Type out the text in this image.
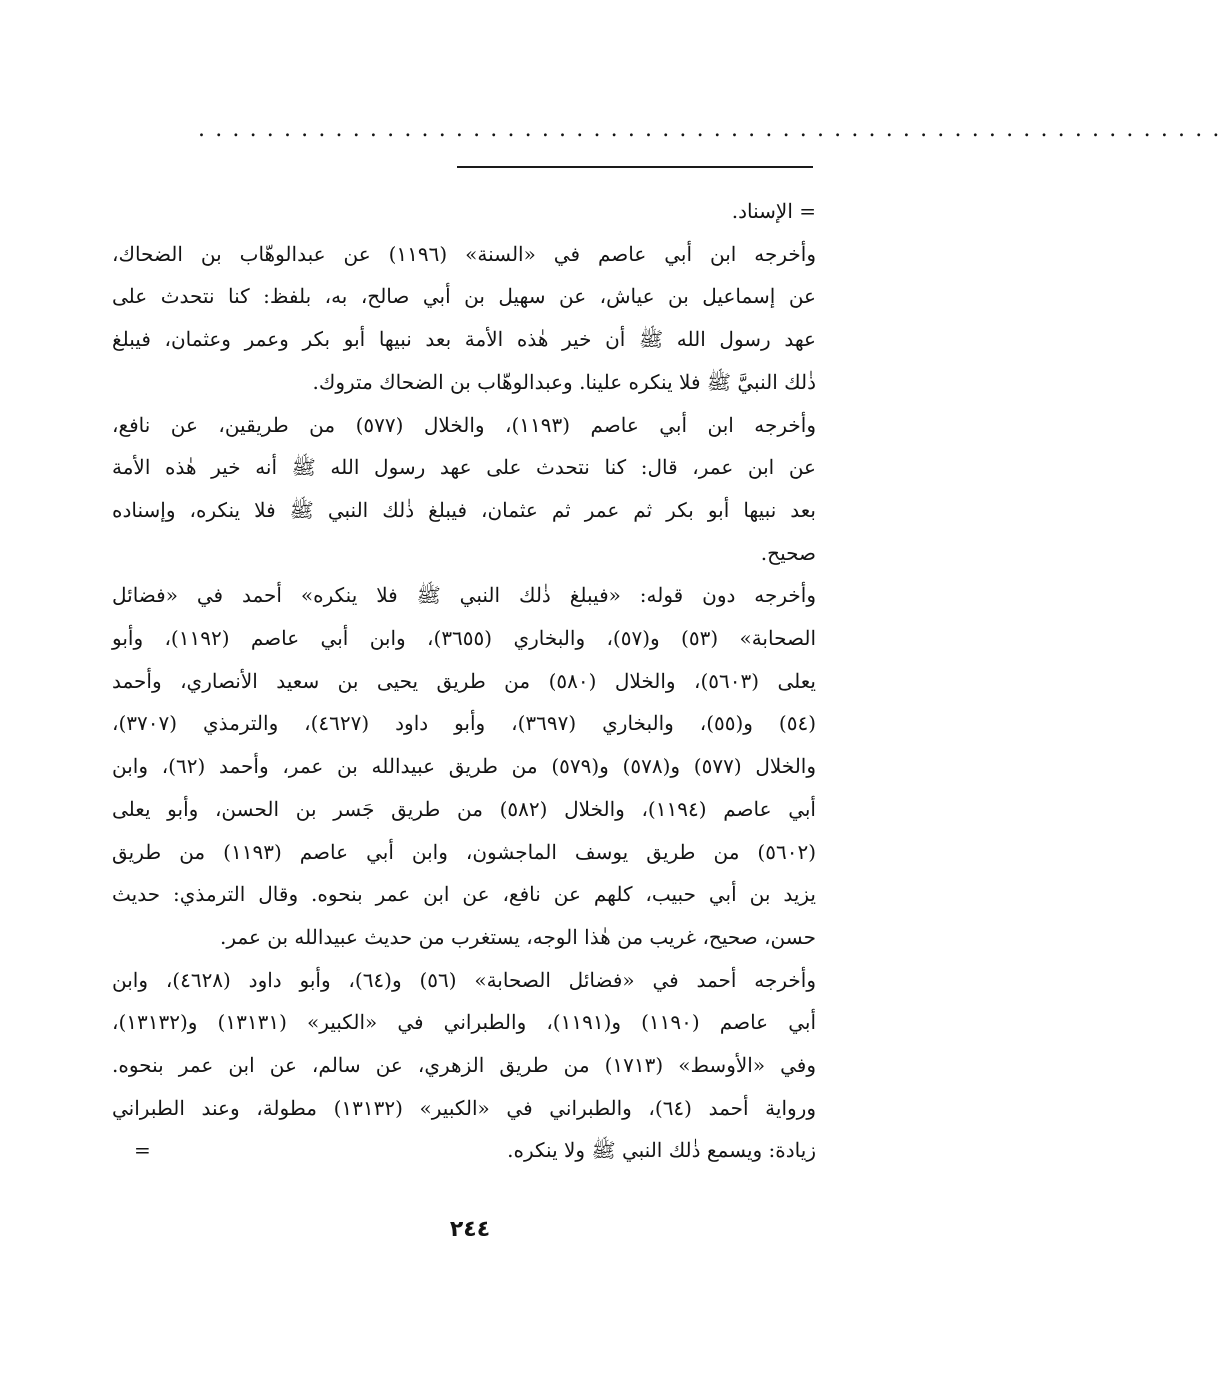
............................................................
= الإسناد.
وأخرجه ابن أبي عاصم في «السنة» (١١٩٦) عن عبدالوهّاب بن الضحاك،
عن إسماعيل بن عياش، عن سهيل بن أبي صالح، به، بلفظ: كنا نتحدث على
عهد رسول الله ﷺ أن خير هٰذه الأمة بعد نبيها أبو بكر وعمر وعثمان، فيبلغ
ذٰلك النبيَّ ﷺ فلا ينكره علينا. وعبدالوهّاب بن الضحاك متروك.
وأخرجه ابن أبي عاصم (١١٩٣)، والخلال (٥٧٧) من طريقين، عن نافع،
عن ابن عمر، قال: كنا نتحدث على عهد رسول الله ﷺ أنه خير هٰذه الأمة
بعد نبيها أبو بكر ثم عمر ثم عثمان، فيبلغ ذٰلك النبي ﷺ فلا ينكره، وإسناده
صحيح.
وأخرجه دون قوله: «فيبلغ ذٰلك النبي ﷺ فلا ينكره» أحمد في «فضائل
الصحابة» (٥٣) و(٥٧)، والبخاري (٣٦٥٥)، وابن أبي عاصم (١١٩٢)، وأبو
يعلى (٥٦٠٣)، والخلال (٥٨٠) من طريق يحيى بن سعيد الأنصاري، وأحمد
(٥٤) و(٥٥)، والبخاري (٣٦٩٧)، وأبو داود (٤٦٢٧)، والترمذي (٣٧٠٧)،
والخلال (٥٧٧) و(٥٧٨) و(٥٧٩) من طريق عبيدالله بن عمر، وأحمد (٦٢)، وابن
أبي عاصم (١١٩٤)، والخلال (٥٨٢) من طريق جَسر بن الحسن، وأبو يعلى
(٥٦٠٢) من طريق يوسف الماجشون، وابن أبي عاصم (١١٩٣) من طريق
يزيد بن أبي حبيب، كلهم عن نافع، عن ابن عمر بنحوه. وقال الترمذي: حديث
حسن، صحيح، غريب من هٰذا الوجه، يستغرب من حديث عبيدالله بن عمر.
وأخرجه أحمد في «فضائل الصحابة» (٥٦) و(٦٤)، وأبو داود (٤٦٢٨)، وابن
أبي عاصم (١١٩٠) و(١١٩١)، والطبراني في «الكبير» (١٣١٣١) و(١٣١٣٢)،
وفي «الأوسط» (١٧١٣) من طريق الزهري، عن سالم، عن ابن عمر بنحوه.
ورواية أحمد (٦٤)، والطبراني في «الكبير» (١٣١٣٢) مطولة، وعند الطبراني
زيادة: ويسمع ذٰلك النبي ﷺ ولا ينكره.
=
٢٤٤
